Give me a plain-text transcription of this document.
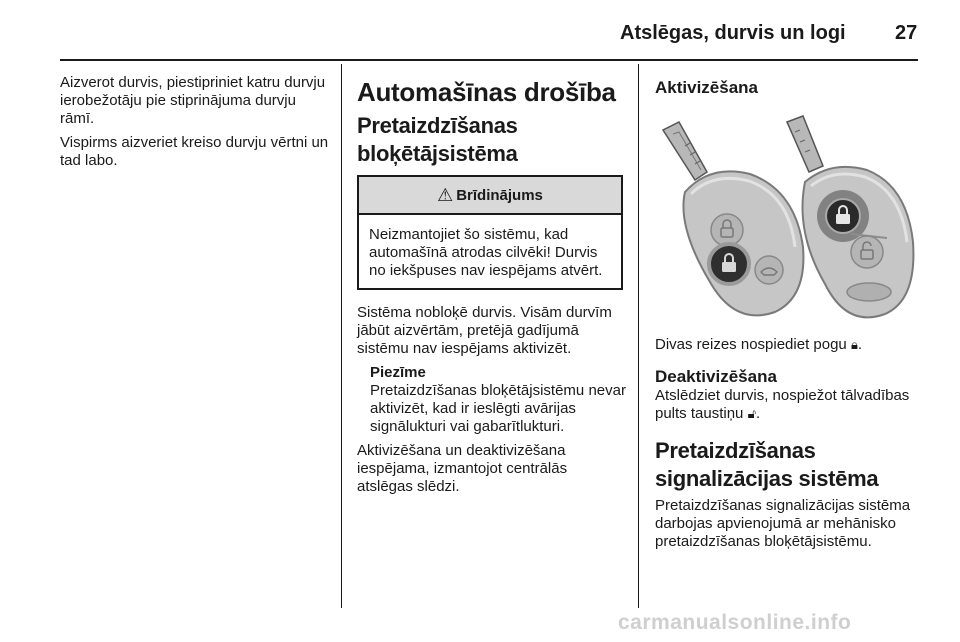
Atslēgas, durvis un logi 27

Aizverot durvis, piestipriniet katru durvju ierobežotāju pie stiprinājuma durvju rāmī.

Vispirms aizveriet kreiso durvju vērtni un tad labo.

Automašīnas drošība
Pretaizdzīšanas bloķētājsistēma
⚠ Brīdinājums

Neizmantojiet šo sistēmu, kad automašīnā atrodas cilvēki! Durvis no iekšpuses nav iespējams atvērt.

Sistēma nobloķē durvis. Visām durvīm jābūt aizvērtām, pretējā gadījumā sistēmu nav iespējams aktivizēt.

Piezīme

Pretaizdzīšanas bloķētājsistēmu nevar aktivizēt, kad ir ieslēgti avārijas signālukturi vai gabarītlukturi.

Aktivizēšana un deaktivizēšana iespējama, izmantojot centrālās atslēgas slēdzi.

Aktivizēšana

Divas reizes nospiediet pogu 🔒︎.

Deaktivizēšana

Atslēdziet durvis, nospiežot tālvadības pults taustiņu 🔓︎.

Pretaizdzīšanas signalizācijas sistēma

Pretaizdzīšanas signalizācijas sistēma darbojas apvienojumā ar mehānisko pretaizdzīšanas bloķētājsistēmu.

carmanualsonline.info
